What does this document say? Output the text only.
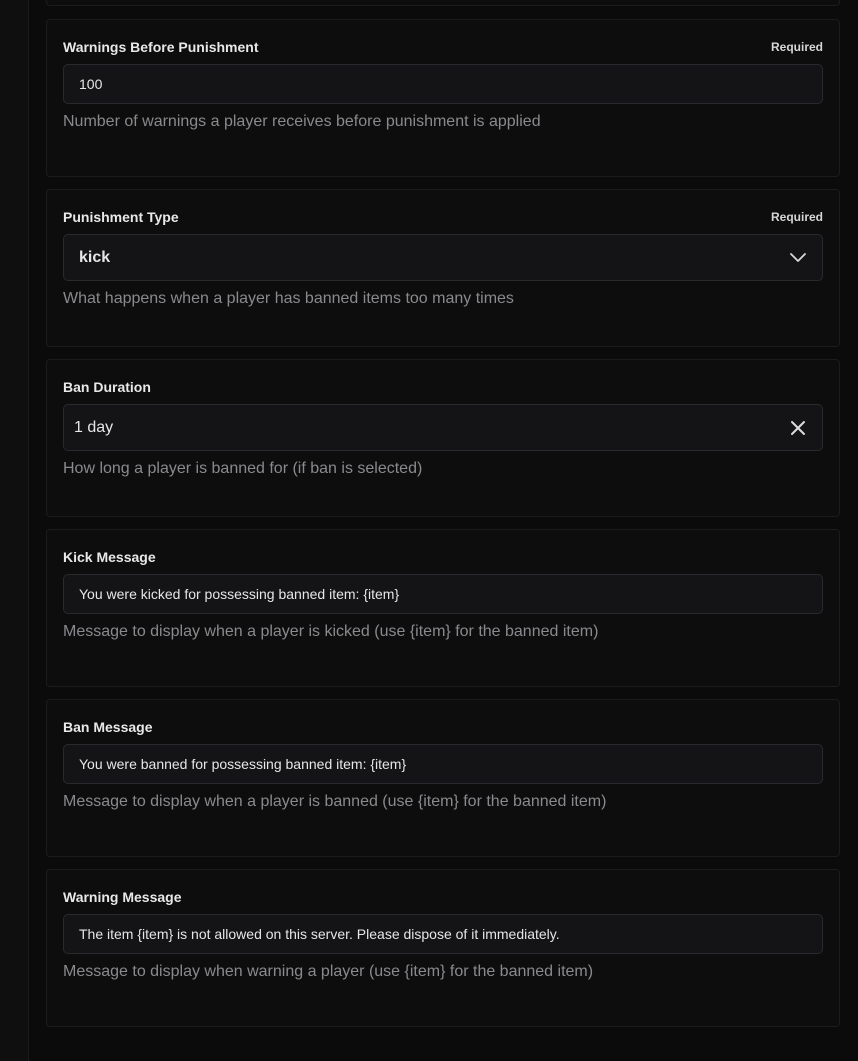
Warnings Before Punishment	Required
100
Number of warnings a player receives before punishment is applied
Punishment Type	Required
kick
What happens when a player has banned items too many times
Ban Duration
1 day
How long a player is banned for (if ban is selected)
Kick Message
You were kicked for possessing banned item: {item}
Message to display when a player is kicked (use {item} for the banned item)
Ban Message
You were banned for possessing banned item: {item}
Message to display when a player is banned (use {item} for the banned item)
Warning Message
The item {item} is not allowed on this server. Please dispose of it immediately.
Message to display when warning a player (use {item} for the banned item)
